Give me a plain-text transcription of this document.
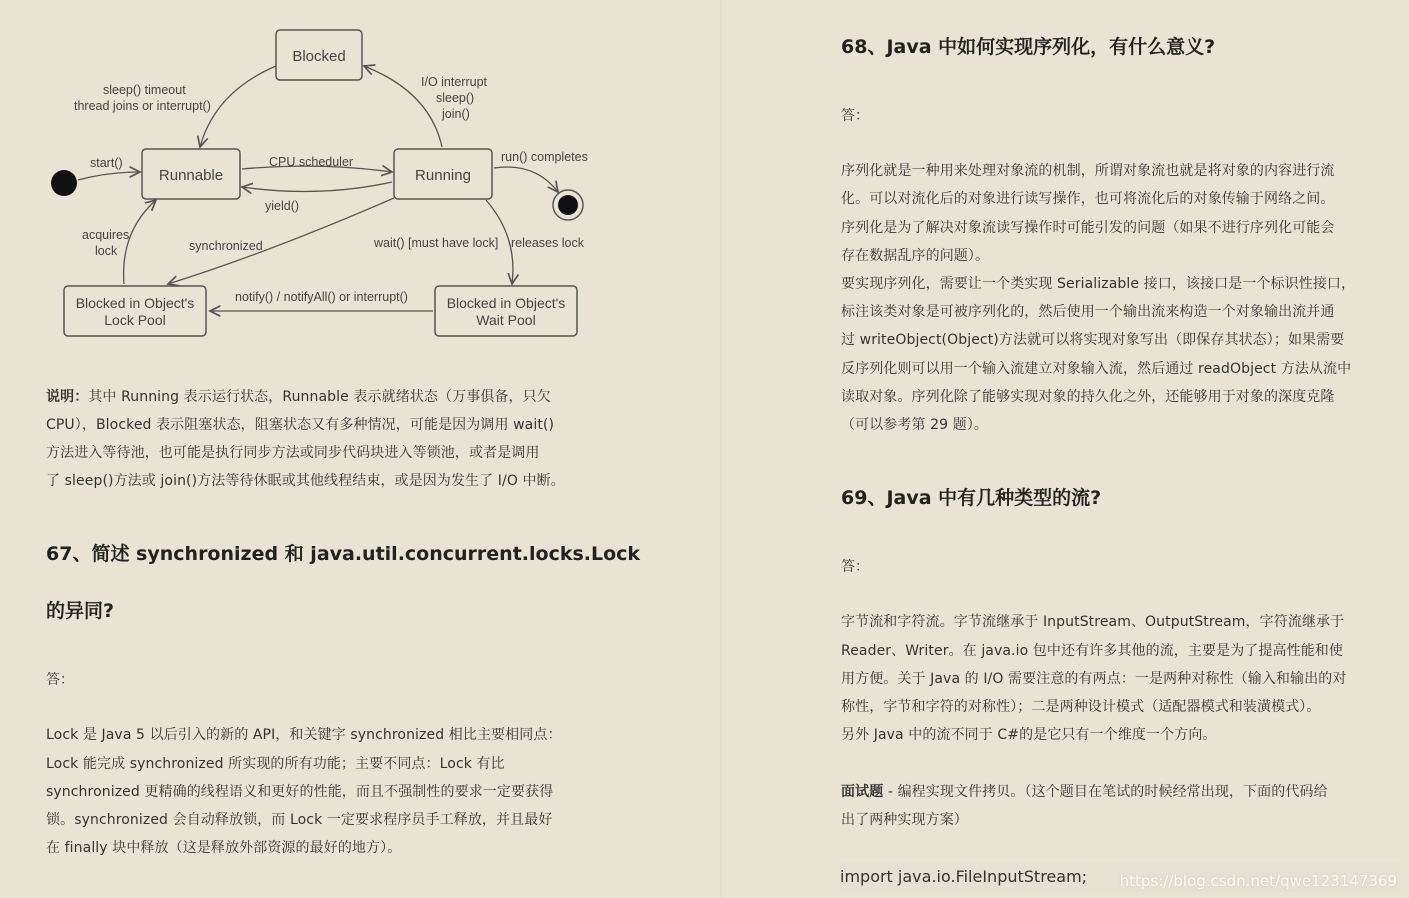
Blocked
Runnable	Running
Blocked in Object's
Lock Pool
Blocked in Object's
Wait Pool
start()
sleep() timeout
thread joins or interrupt()
I/O interrupt
sleep()
join()
CPU scheduler
yield()
run() completes
acquires
lock	synchronized	wait() [must have lock] releases lock
notify() / notifyAll() or interrupt()

说明：其中 Running 表示运行状态，Runnable 表示就绪状态（万事俱备，只欠

CPU），Blocked 表示阻塞状态，阻塞状态又有多种情况，可能是因为调用 wait()

方法进入等待池，也可能是执行同步方法或同步代码块进入等锁池，或者是调用

了 sleep()方法或 join()方法等待休眠或其他线程结束，或是因为发生了 I/O 中断。

67、简述 synchronized 和 java.util.concurrent.locks.Lock

的异同?

答：

Lock 是 Java 5 以后引入的新的 API，和关键字 synchronized 相比主要相同点：

Lock 能完成 synchronized 所实现的所有功能；主要不同点：Lock 有比

synchronized 更精确的线程语义和更好的性能，而且不强制性的要求一定要获得

锁。synchronized 会自动释放锁，而 Lock 一定要求程序员手工释放，并且最好

在 finally 块中释放（这是释放外部资源的最好的地方）。

68、Java 中如何实现序列化，有什么意义?

答：

序列化就是一种用来处理对象流的机制，所谓对象流也就是将对象的内容进行流

化。可以对流化后的对象进行读写操作，也可将流化后的对象传输于网络之间。

序列化是为了解决对象流读写操作时可能引发的问题（如果不进行序列化可能会

存在数据乱序的问题）。

要实现序列化，需要让一个类实现 Serializable 接口，该接口是一个标识性接口，

标注该类对象是可被序列化的，然后使用一个输出流来构造一个对象输出流并通

过 writeObject(Object)方法就可以将实现对象写出（即保存其状态）；如果需要

反序列化则可以用一个输入流建立对象输入流，然后通过 readObject 方法从流中

读取对象。序列化除了能够实现对象的持久化之外，还能够用于对象的深度克隆

（可以参考第 29 题）。

69、Java 中有几种类型的流?

答：

字节流和字符流。字节流继承于 InputStream、OutputStream，字符流继承于

Reader、Writer。在 java.io 包中还有许多其他的流，主要是为了提高性能和使

用方便。关于 Java 的 I/O 需要注意的有两点：一是两种对称性（输入和输出的对

称性，字节和字符的对称性）；二是两种设计模式（适配器模式和装潢模式）。

另外 Java 中的流不同于 C#的是它只有一个维度一个方向。

面试题 - 编程实现文件拷贝。（这个题目在笔试的时候经常出现，下面的代码给

出了两种实现方案）

import java.io.FileInputStream;	https://blog.csdn.net/qwe123147369
